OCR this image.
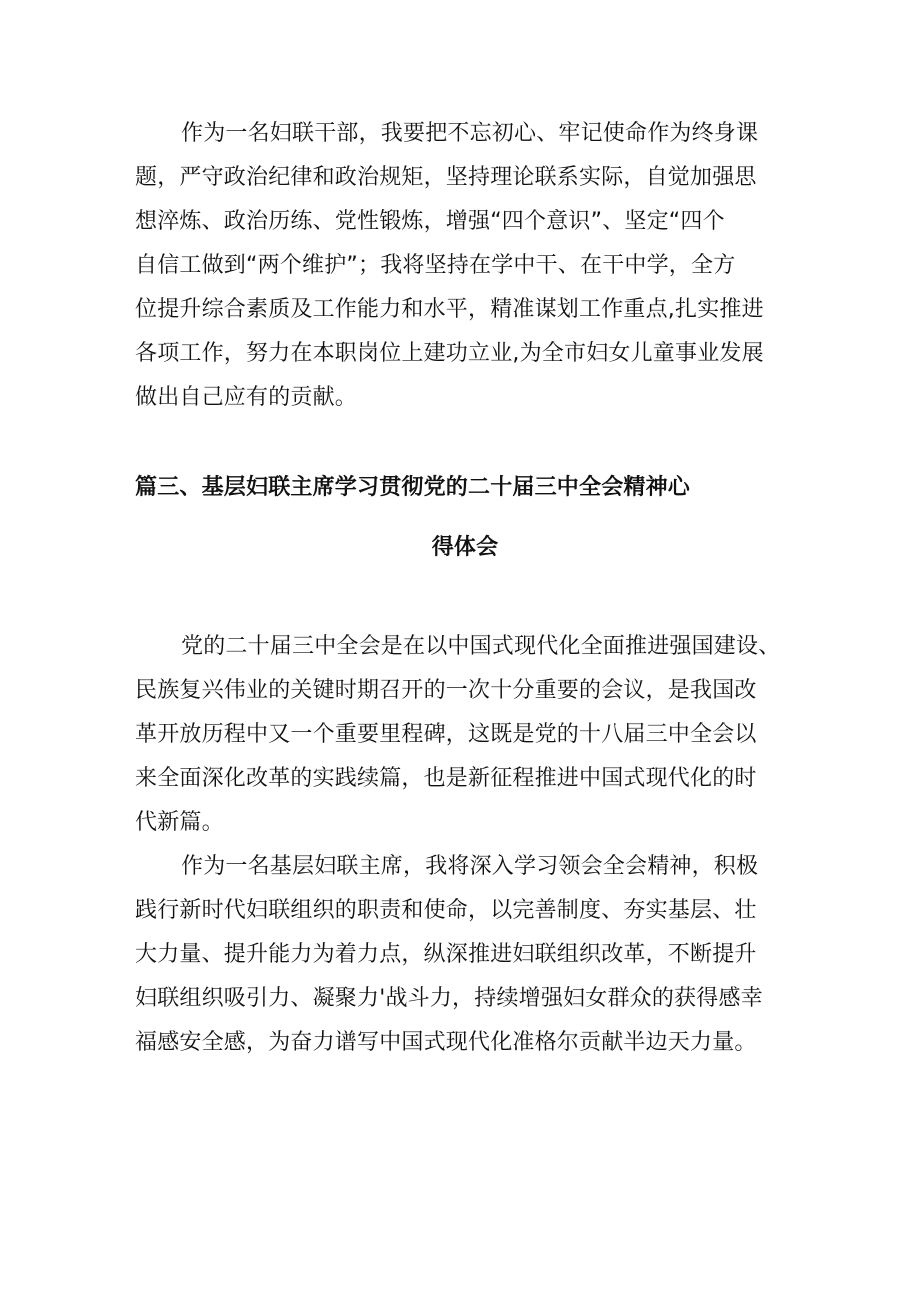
作为一名妇联干部，我要把不忘初心、牢记使命作为终身课
题，严守政治纪律和政治规矩，坚持理论联系实际，自觉加强思
想淬炼、政治历练、党性锻炼，增强“四个意识”、坚定“四个
自信工做到“两个维护”；我将坚持在学中干、在干中学，全方
位提升综合素质及工作能力和水平，精准谋划工作重点,扎实推进
各项工作，努力在本职岗位上建功立业,为全市妇女儿童事业发展
做出自己应有的贡献。
篇三、基层妇联主席学习贯彻党的二十届三中全会精神心
得体会
党的二十届三中全会是在以中国式现代化全面推进强国建设、
民族复兴伟业的关键时期召开的一次十分重要的会议，是我国改
革开放历程中又一个重要里程碑，这既是党的十八届三中全会以
来全面深化改革的实践续篇，也是新征程推进中国式现代化的时
代新篇。
作为一名基层妇联主席，我将深入学习领会全会精神，积极
践行新时代妇联组织的职责和使命，以完善制度、夯实基层、壮
大力量、提升能力为着力点，纵深推进妇联组织改革，不断提升
妇联组织吸引力、凝聚力'战斗力，持续增强妇女群众的获得感幸
福感安全感，为奋力谱写中国式现代化准格尔贡献半边天力量。
